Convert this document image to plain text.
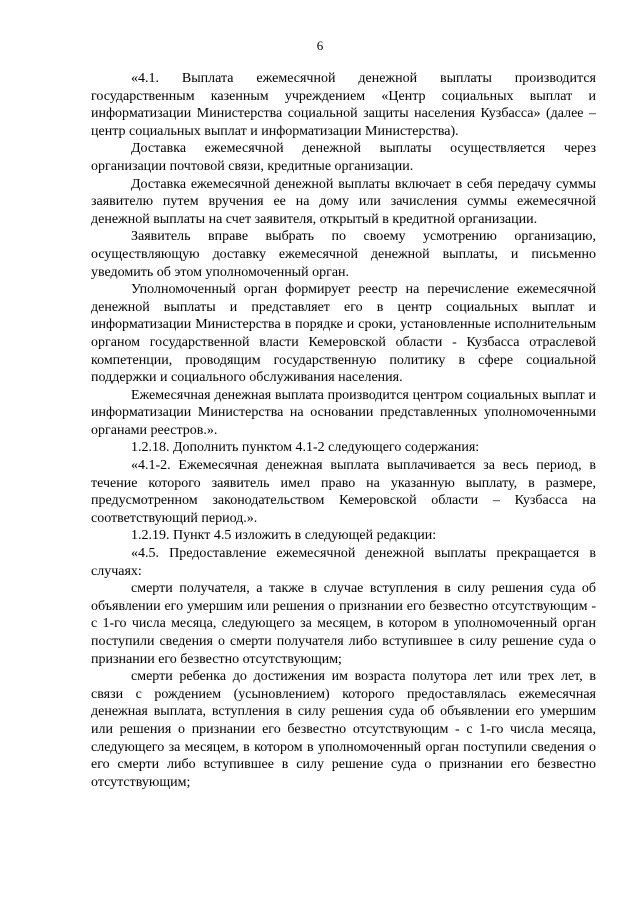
6

«4.1. Выплата ежемесячной денежной выплаты производится государственным казенным учреждением «Центр социальных выплат и информатизации Министерства социальной защиты населения Кузбасса» (далее – центр социальных выплат и информатизации Министерства).

Доставка ежемесячной денежной выплаты осуществляется через организации почтовой связи, кредитные организации.

Доставка ежемесячной денежной выплаты включает в себя передачу суммы заявителю путем вручения ее на дому или зачисления суммы ежемесячной денежной выплаты на счет заявителя, открытый в кредитной организации.

Заявитель вправе выбрать по своему усмотрению организацию, осуществляющую доставку ежемесячной денежной выплаты, и письменно уведомить об этом уполномоченный орган.

Уполномоченный орган формирует реестр на перечисление ежемесячной денежной выплаты и представляет его в центр социальных выплат и информатизации Министерства в порядке и сроки, установленные исполнительным органом государственной власти Кемеровской области - Кузбасса отраслевой компетенции, проводящим государственную политику в сфере социальной поддержки и социального обслуживания населения.

Ежемесячная денежная выплата производится центром социальных выплат и информатизации Министерства на основании представленных уполномоченными органами реестров.».

1.2.18. Дополнить пунктом 4.1-2 следующего содержания:

«4.1-2. Ежемесячная денежная выплата выплачивается за весь период, в течение которого заявитель имел право на указанную выплату, в размере, предусмотренном законодательством Кемеровской области – Кузбасса на соответствующий период.».

1.2.19. Пункт 4.5 изложить в следующей редакции:

«4.5. Предоставление ежемесячной денежной выплаты прекращается в случаях:

смерти получателя, а также в случае вступления в силу решения суда об объявлении его умершим или решения о признании его безвестно отсутствующим - с 1-го числа месяца, следующего за месяцем, в котором в уполномоченный орган поступили сведения о смерти получателя либо вступившее в силу решение суда о признании его безвестно отсутствующим;

смерти ребенка до достижения им возраста полутора лет или трех лет, в связи с рождением (усыновлением) которого предоставлялась ежемесячная денежная выплата, вступления в силу решения суда об объявлении его умершим или решения о признании его безвестно отсутствующим - с 1-го числа месяца, следующего за месяцем, в котором в уполномоченный орган поступили сведения о его смерти либо вступившее в силу решение суда о признании его безвестно отсутствующим;
